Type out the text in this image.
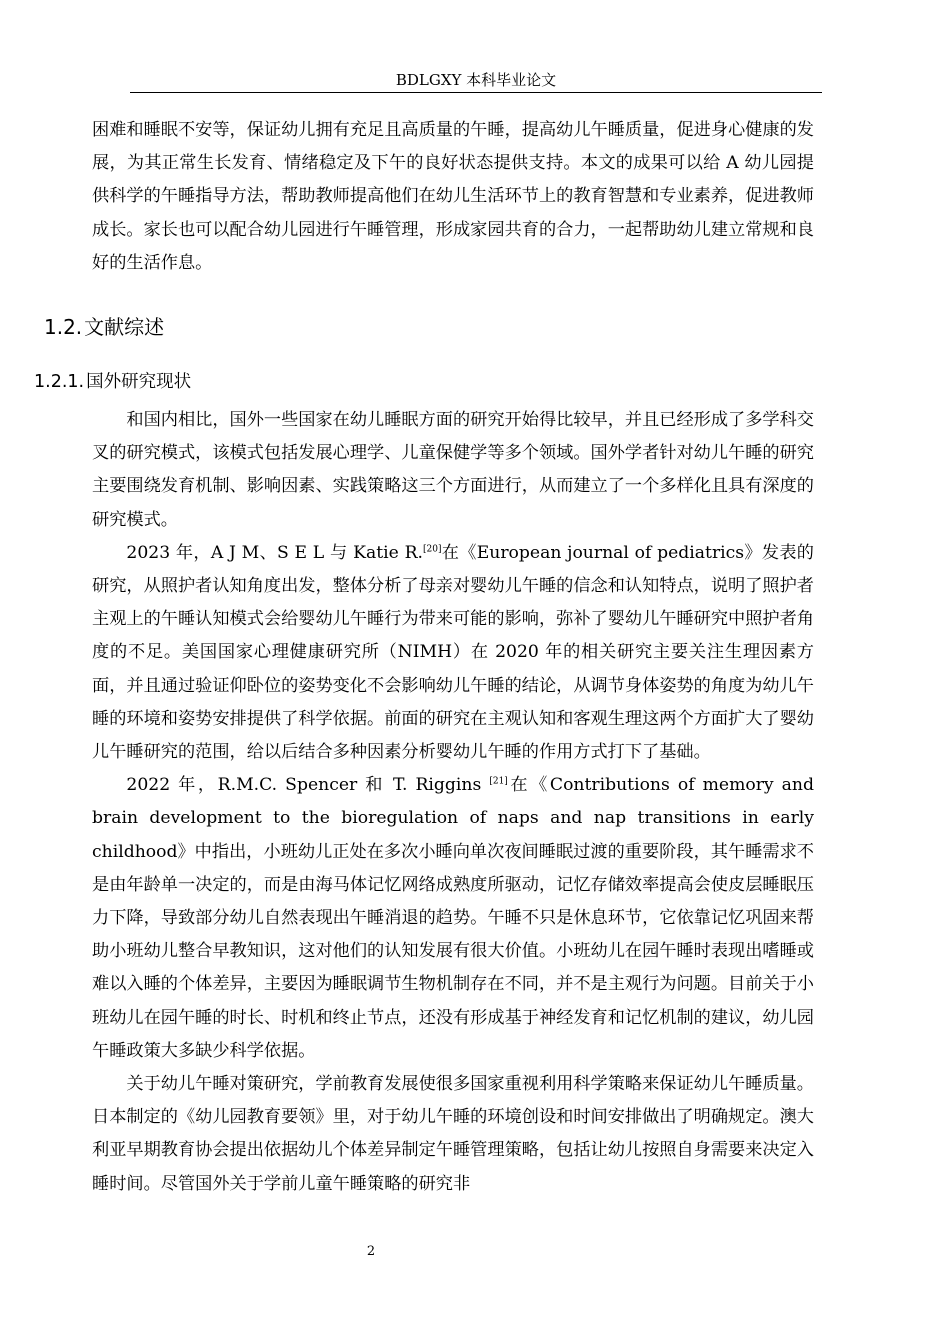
BDLGXY 本科毕业论文

困难和睡眠不安等，保证幼儿拥有充足且高质量的午睡，提高幼儿午睡质量，促进身心健康的发展，为其正常生长发育、情绪稳定及下午的良好状态提供支持。本文的成果可以给 A 幼儿园提供科学的午睡指导方法，帮助教师提高他们在幼儿生活环节上的教育智慧和专业素养，促进教师成长。家长也可以配合幼儿园进行午睡管理，形成家园共育的合力，一起帮助幼儿建立常规和良好的生活作息。

1.2. 文献综述
1.2.1. 国外研究现状

和国内相比，国外一些国家在幼儿睡眠方面的研究开始得比较早，并且已经形成了多学科交叉的研究模式，该模式包括发展心理学、儿童保健学等多个领域。国外学者针对幼儿午睡的研究主要围绕发育机制、影响因素、实践策略这三个方面进行，从而建立了一个多样化且具有深度的研究模式。

2023 年，A J M、S E L 与 Katie R.[20]在《European journal of pediatrics》发表的研究，从照护者认知角度出发，整体分析了母亲对婴幼儿午睡的信念和认知特点，说明了照护者主观上的午睡认知模式会给婴幼儿午睡行为带来可能的影响，弥补了婴幼儿午睡研究中照护者角度的不足。美国国家心理健康研究所（NIMH）在 2020 年的相关研究主要关注生理因素方面，并且通过验证仰卧位的姿势变化不会影响幼儿午睡的结论，从调节身体姿势的角度为幼儿午睡的环境和姿势安排提供了科学依据。前面的研究在主观认知和客观生理这两个方面扩大了婴幼儿午睡研究的范围，给以后结合多种因素分析婴幼儿午睡的作用方式打下了基础。

2022 年，R.M.C. Spencer 和 T. Riggins [21]在《Contributions of memory and brain development to the bioregulation of naps and nap transitions in early childhood》中指出，小班幼儿正处在多次小睡向单次夜间睡眠过渡的重要阶段，其午睡需求不是由年龄单一决定的，而是由海马体记忆网络成熟度所驱动，记忆存储效率提高会使皮层睡眠压力下降，导致部分幼儿自然表现出午睡消退的趋势。午睡不只是休息环节，它依靠记忆巩固来帮助小班幼儿整合早教知识，这对他们的认知发展有很大价值。小班幼儿在园午睡时表现出嗜睡或难以入睡的个体差异，主要因为睡眠调节生物机制存在不同，并不是主观行为问题。目前关于小班幼儿在园午睡的时长、时机和终止节点，还没有形成基于神经发育和记忆机制的建议，幼儿园午睡政策大多缺少科学依据。

关于幼儿午睡对策研究，学前教育发展使很多国家重视利用科学策略来保证幼儿午睡质量。日本制定的《幼儿园教育要领》里，对于幼儿午睡的环境创设和时间安排做出了明确规定。澳大利亚早期教育协会提出依据幼儿个体差异制定午睡管理策略，包括让幼儿按照自身需要来决定入睡时间。尽管国外关于学前儿童午睡策略的研究非

2
